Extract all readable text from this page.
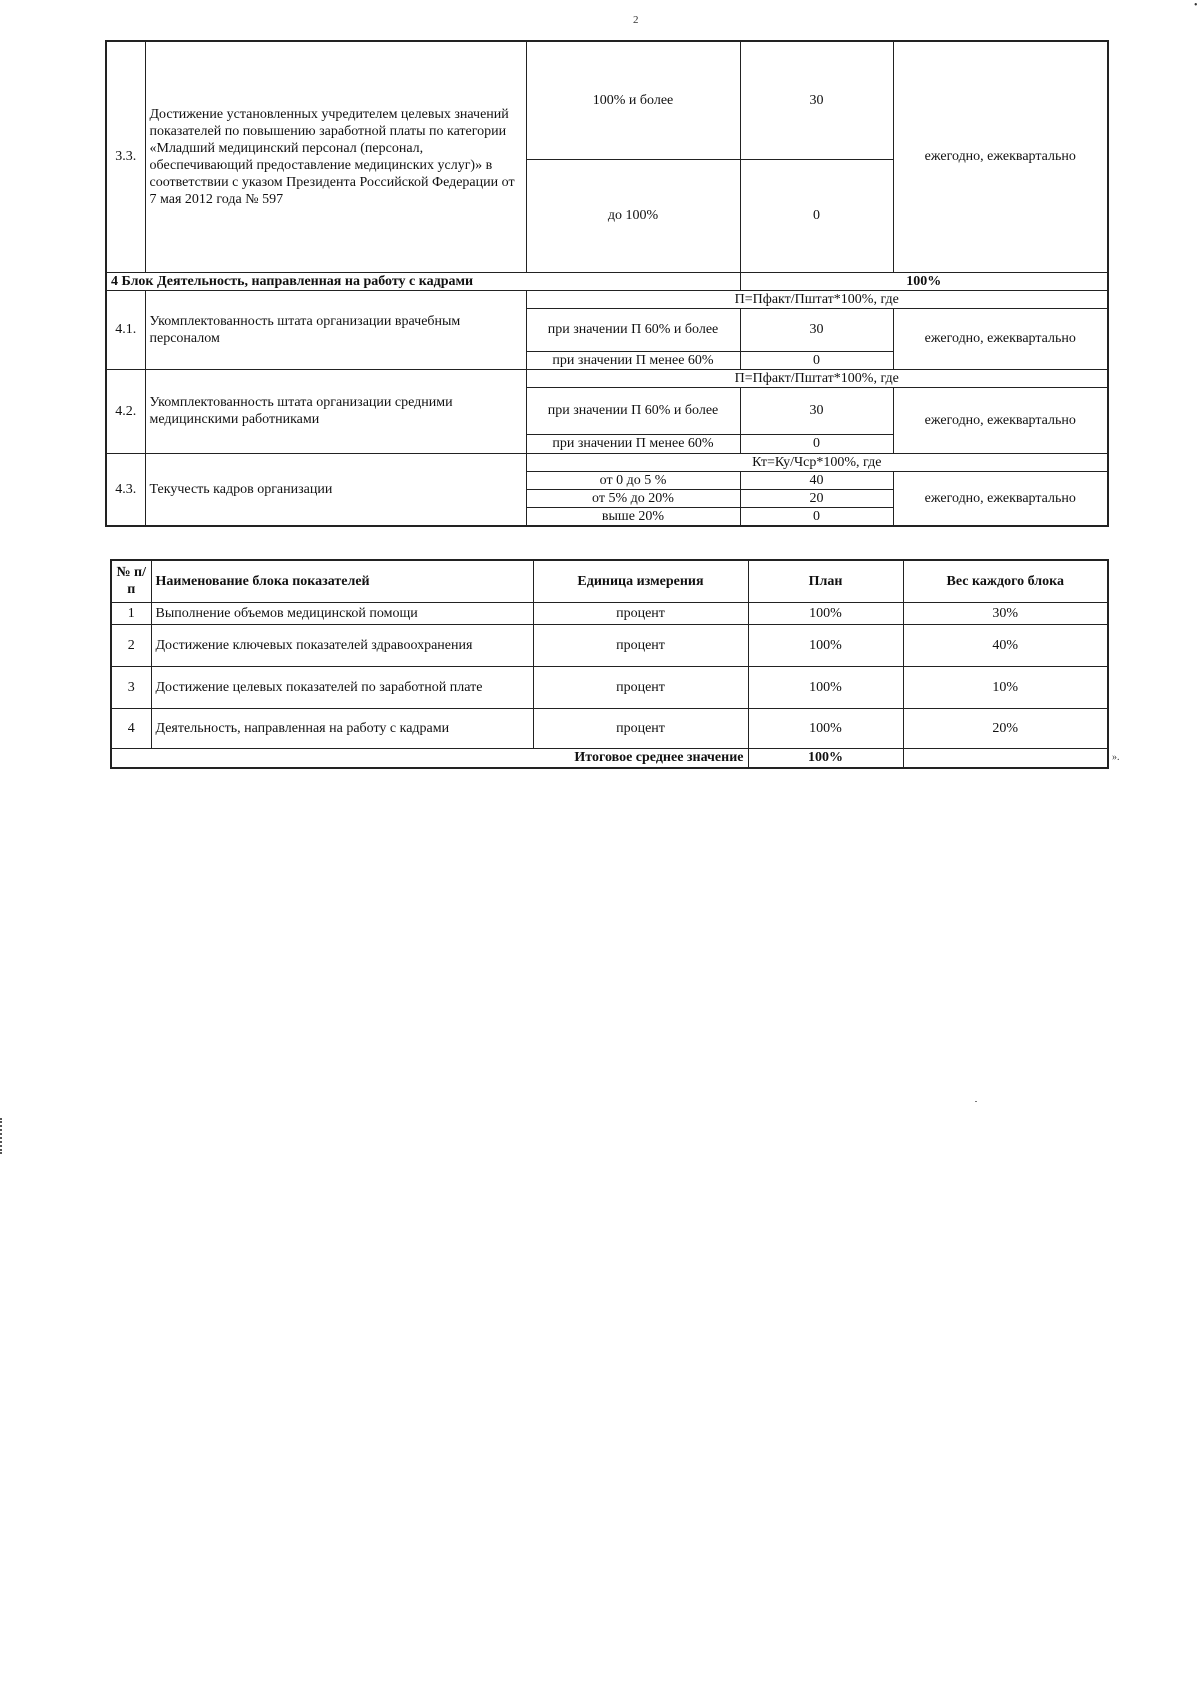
2
•
3.3.	Достижение установленных учредителем целевых значений показателей по повышению заработной платы по категории «Младший медицинский персонал (персонал, обеспечивающий предоставление медицинских услуг)» в соответствии с указом Президента Российской Федерации от 7 мая 2012 года № 597	100% и более	30	ежегодно, ежеквартально
		до 100%	0	
4 Блок Деятельность, направленная на работу с кадрами			100%	
4.1.	Укомплектованность штата организации врачебным персоналом	П=Пфакт/Пштат*100%, где		
		при значении П 60% и более	30	ежегодно, ежеквартально
		при значении П менее 60%	0	
4.2.	Укомплектованность штата организации средними медицинскими работниками	П=Пфакт/Пштат*100%, где		
		при значении П 60% и более	30	ежегодно, ежеквартально
		при значении П менее 60%	0	
4.3.	Текучесть кадров организации	Кт=Ку/Чср*100%, где		
		от 0 до 5 %	40	ежегодно, ежеквартально
		от 5% до 20%	20	
		выше 20%	0	
№ п/п	Наименование блока показателей	Единица измерения	План	Вес каждого блока
1	Выполнение объемов медицинской помощи	процент	100%	30%
2	Достижение ключевых показателей здравоохранения	процент	100%	40%
3	Достижение целевых показателей по заработной плате	процент	100%	10%
4	Деятельность, направленная на работу с кадрами	процент	100%	20%
Итоговое среднее значение			100%		».
